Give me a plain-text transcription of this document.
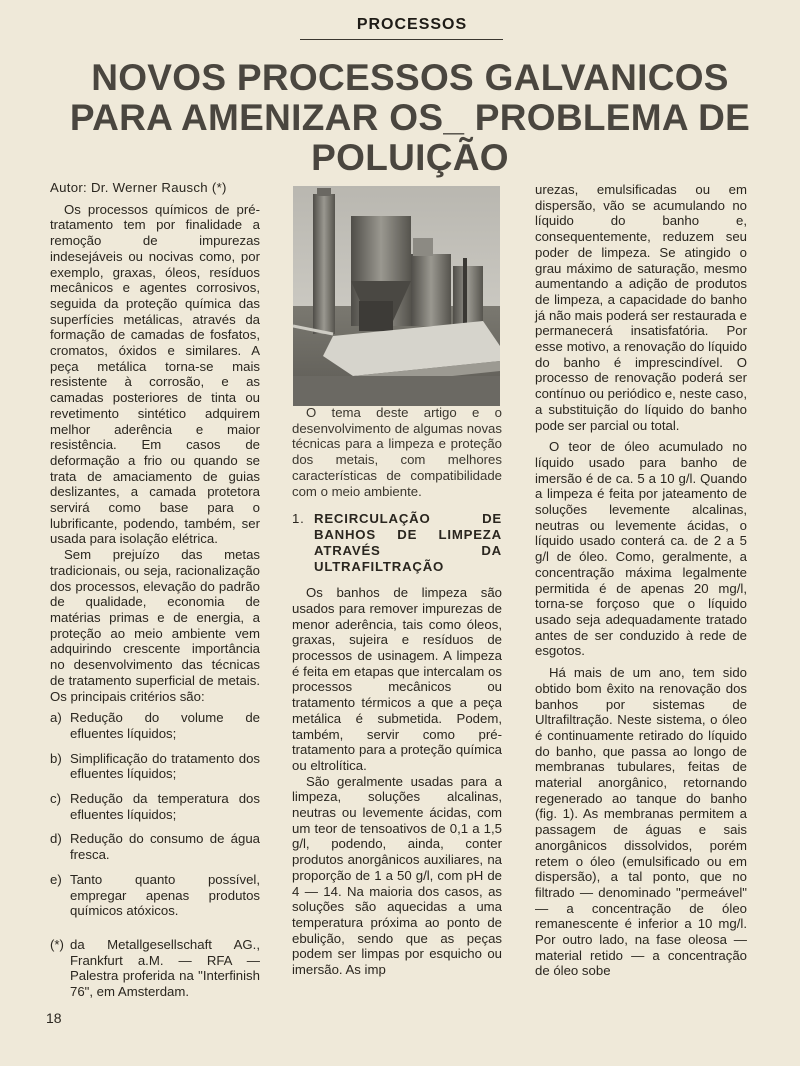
PROCESSOS
NOVOS PROCESSOS GALVANICOS PARA AMENIZAR OS_ PROBLEMA DE POLUIÇÃO

Autor: Dr. Werner Rausch (*)

Os processos químicos de pré-tratamento tem por finalidade a remoção de impurezas indesejáveis ou nocivas como, por exemplo, graxas, óleos, resíduos mecânicos e agentes corrosivos, seguida da proteção química das superfícies metálicas, através da formação de camadas de fosfatos, cromatos, óxidos e similares. A peça metálica torna-se mais resistente à corrosão, e as camadas posteriores de tinta ou revetimento sintético adquirem melhor aderência e maior resistência. Em casos de deformação a frio ou quando se trata de amaciamento de guias deslizantes, a camada protetora servirá como base para o lubrificante, podendo, também, ser usada para isolação elétrica.

Sem prejuízo das metas tradicionais, ou seja, racionalização dos processos, elevação do padrão de qualidade, economia de matérias primas e de energia, a proteção ao meio ambiente vem adquirindo crescente importância no desenvolvimento das técnicas de tratamento superficial de metais. Os principais critérios são:

a) Redução do volume de efluentes líquidos;
b) Simplificação do tratamento dos efluentes líquidos;
c) Redução da temperatura dos efluentes líquidos;
d) Redução do consumo de água fresca.
e) Tanto quanto possível, empregar apenas produtos químicos atóxicos.
(*) da Metallgesellschaft AG., Frankfurt a.M. — RFA — Palestra proferida na "Interfinish 76", em Amsterdam.

O tema deste artigo e o desenvolvimento de algumas novas técnicas para a limpeza e proteção dos metais, com melhores características de compatibilidade com o meio ambiente.

1. RECIRCULAÇÃO DE BANHOS DE LIMPEZA ATRAVÉS DA ULTRAFILTRAÇÃO

Os banhos de limpeza são usados para remover impurezas de menor aderência, tais como óleos, graxas, sujeira e resíduos de processos de usinagem. A limpeza é feita em etapas que intercalam os processos mecânicos ou tratamento térmicos a que a peça metálica é submetida. Podem, também, servir como pré-tratamento para a proteção química ou eltrolítica.

São geralmente usadas para a limpeza, soluções alcalinas, neutras ou levemente ácidas, com um teor de tensoativos de 0,1 a 1,5 g/l, podendo, ainda, conter produtos anorgânicos auxiliares, na proporção de 1 a 50 g/l, com pH de 4 — 14. Na maioria dos casos, as soluções são aquecidas a uma temperatura próxima ao ponto de ebulição, sendo que as peças podem ser limpas por esquicho ou imersão. As imp

urezas, emulsificadas ou em dispersão, vão se acumulando no líquido do banho e, consequentemente, reduzem seu poder de limpeza. Se atingido o grau máximo de saturação, mesmo aumentando a adição de produtos de limpeza, a capacidade do banho já não mais poderá ser restaurada e permanecerá insatisfatória. Por esse motivo, a renovação do líquido do banho é imprescindível. O processo de renovação poderá ser contínuo ou periódico e, neste caso, a substituição do líquido do banho pode ser parcial ou total.

O teor de óleo acumulado no líquido usado para banho de imersão é de ca. 5 a 10 g/l. Quando a limpeza é feita por jateamento de soluções levemente alcalinas, neutras ou levemente ácidas, o líquido usado conterá ca. de 2 a 5 g/l de óleo. Como, geralmente, a concentração máxima legalmente permitida é de apenas 20 mg/l, torna-se forçoso que o líquido usado seja adequadamente tratado antes de ser conduzido à rede de esgotos.

Há mais de um ano, tem sido obtido bom êxito na renovação dos banhos por sistemas de Ultrafiltração. Neste sistema, o óleo é continuamente retirado do líquido do banho, que passa ao longo de membranas tubulares, feitas de material anorgânico, retornando regenerado ao tanque do banho (fig. 1). As membranas permitem a passagem de águas e sais anorgânicos dissolvidos, porém retem o óleo (emulsificado ou em dispersão), a tal ponto, que no filtrado — denominado "permeável" — a concentração de óleo remanescente é inferior a 10 mg/l. Por outro lado, na fase oleosa — material retido — a concentração de óleo sobe

18
